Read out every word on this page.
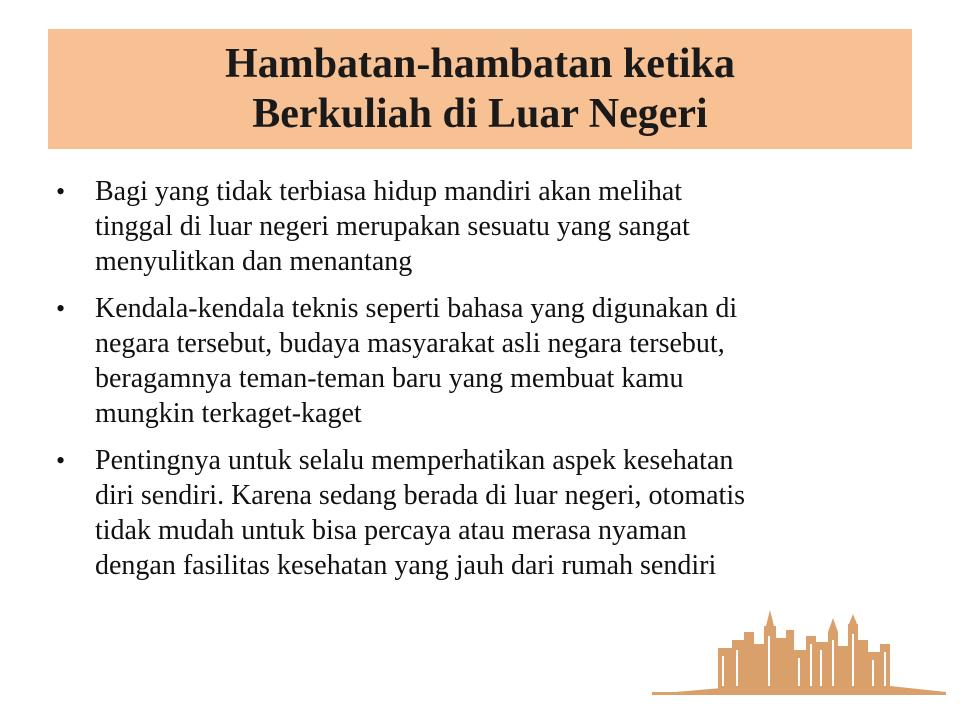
Hambatan-hambatan ketika
Berkuliah di Luar Negeri
•	Bagi yang tidak terbiasa hidup mandiri akan melihat
tinggal di luar negeri merupakan sesuatu yang sangat
menyulitkan dan menantang
•	Kendala-kendala teknis seperti bahasa yang digunakan di
negara tersebut, budaya masyarakat asli negara tersebut,
beragamnya teman-teman baru yang membuat kamu
mungkin terkaget-kaget
•	Pentingnya untuk selalu memperhatikan aspek kesehatan
diri sendiri. Karena sedang berada di luar negeri, otomatis
tidak mudah untuk bisa percaya atau merasa nyaman
dengan fasilitas kesehatan yang jauh dari rumah sendiri
